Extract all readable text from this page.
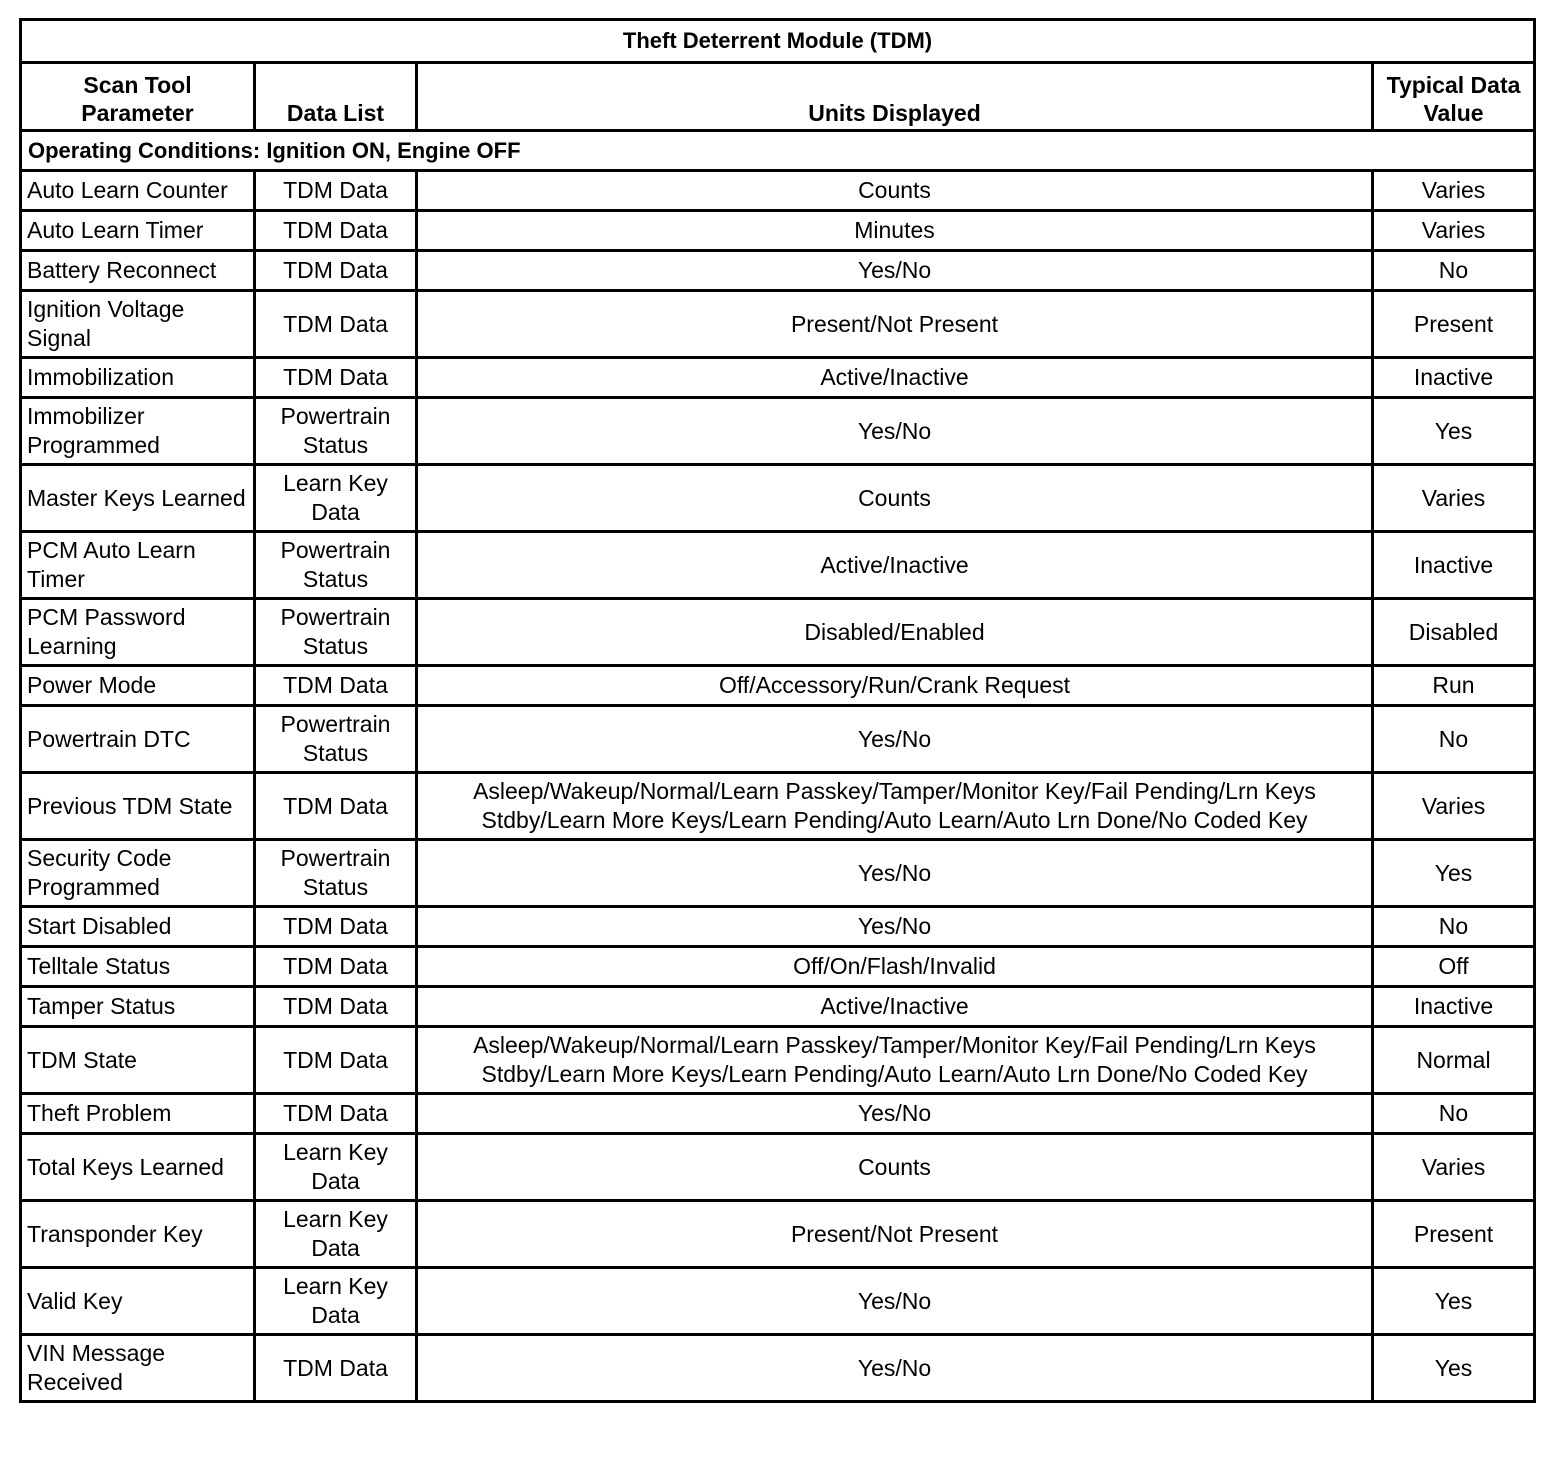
Theft Deterrent Module (TDM)			
Scan Tool Parameter	Data List	Units Displayed	Typical Data Value
Operating Conditions: Ignition ON, Engine OFF			
Auto Learn Counter	TDM Data	Counts	Varies
Auto Learn Timer	TDM Data	Minutes	Varies
Battery Reconnect	TDM Data	Yes/No	No
Ignition Voltage Signal	TDM Data	Present/Not Present	Present
Immobilization	TDM Data	Active/Inactive	Inactive
Immobilizer Programmed	Powertrain Status	Yes/No	Yes
Master Keys Learned	Learn Key Data	Counts	Varies
PCM Auto Learn Timer	Powertrain Status	Active/Inactive	Inactive
PCM Password Learning	Powertrain Status	Disabled/Enabled	Disabled
Power Mode	TDM Data	Off/Accessory/Run/Crank Request	Run
Powertrain DTC	Powertrain Status	Yes/No	No
Previous TDM State	TDM Data	Asleep/Wakeup/Normal/Learn Passkey/Tamper/Monitor Key/Fail Pending/Lrn Keys Stdby/Learn More Keys/Learn Pending/Auto Learn/Auto Lrn Done/No Coded Key	Varies
Security Code Programmed	Powertrain Status	Yes/No	Yes
Start Disabled	TDM Data	Yes/No	No
Telltale Status	TDM Data	Off/On/Flash/Invalid	Off
Tamper Status	TDM Data	Active/Inactive	Inactive
TDM State	TDM Data	Asleep/Wakeup/Normal/Learn Passkey/Tamper/Monitor Key/Fail Pending/Lrn Keys Stdby/Learn More Keys/Learn Pending/Auto Learn/Auto Lrn Done/No Coded Key	Normal
Theft Problem	TDM Data	Yes/No	No
Total Keys Learned	Learn Key Data	Counts	Varies
Transponder Key	Learn Key Data	Present/Not Present	Present
Valid Key	Learn Key Data	Yes/No	Yes
VIN Message Received	TDM Data	Yes/No	Yes
